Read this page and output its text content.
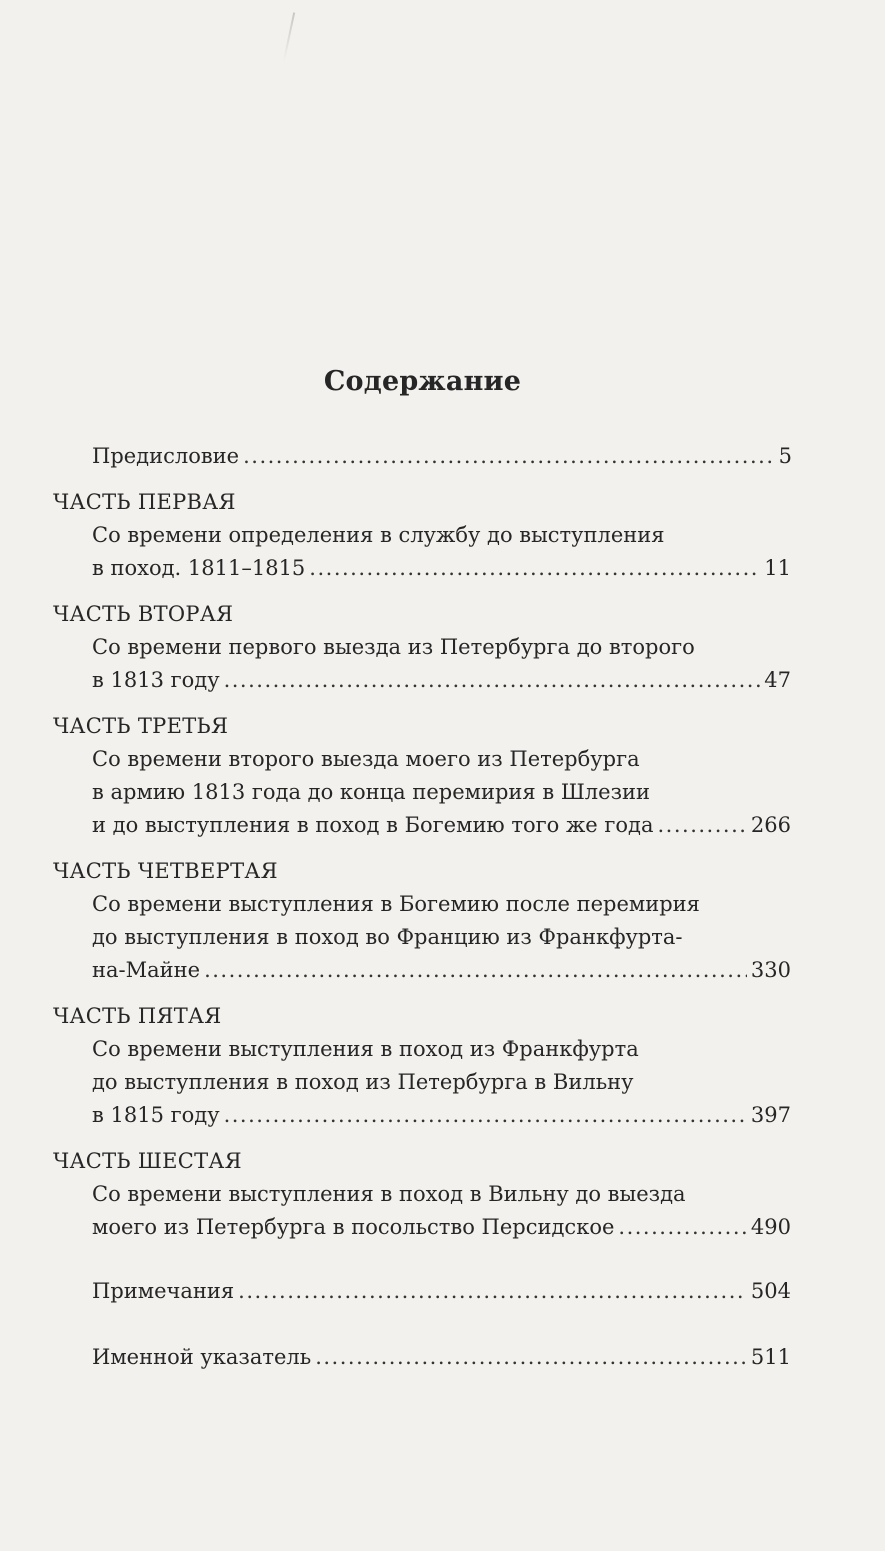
Содержание
Предисловие .....	5
ЧАСТЬ ПЕРВАЯ
Со времени определения в службу до выступления
в поход. 1811–1815 .....	11
ЧАСТЬ ВТОРАЯ
Со времени первого выезда из Петербурга до второго
в 1813 году .....	47
ЧАСТЬ ТРЕТЬЯ
Со времени второго выезда моего из Петербурга
в армию 1813 года до конца перемирия в Шлезии
и до выступления в поход в Богемию того же года .....	266
ЧАСТЬ ЧЕТВЕРТАЯ
Со времени выступления в Богемию после перемирия
до выступления в поход во Францию из Франкфурта-
на-Майне .....	330
ЧАСТЬ ПЯТАЯ
Со времени выступления в поход из Франкфурта
до выступления в поход из Петербурга в Вильну
в 1815 году .....	397
ЧАСТЬ ШЕСТАЯ
Со времени выступления в поход в Вильну до выезда
моего из Петербурга в посольство Персидское .....	490
Примечания .....	504
Именной указатель .....	511
